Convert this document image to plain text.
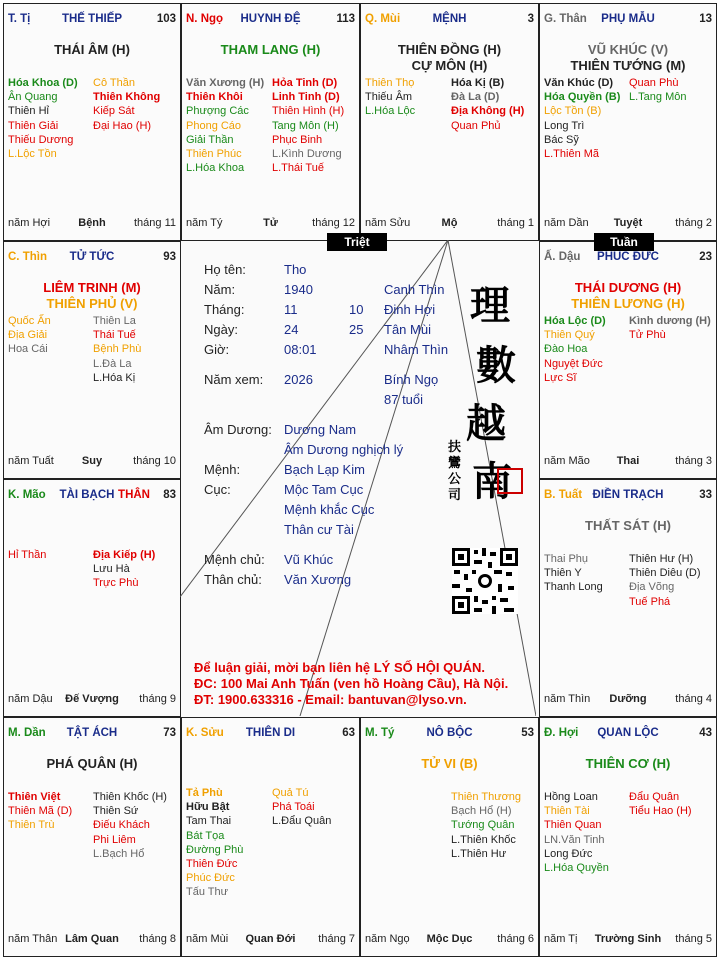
T. Tị	THẾ THIẾP	103
THÁI ÂM (H)
Hóa Khoa (D)
Ân Quang
Thiên Hỉ
Thiên Giải
Thiếu Dương
L.Lộc Tồn
Cô Thần
Thiên Không
Kiếp Sát
Đại Hao (H)
năm Hợi	Bệnh	tháng 11
N. Ngọ	HUYNH ĐỆ	113
THAM LANG (H)
Văn Xương (H)
Thiên Khôi
Phượng Các
Phong Cáo
Giải Thần
Thiên Phúc
L.Hóa Khoa
Hỏa Tinh (D)
Linh Tinh (D)
Thiên Hình (H)
Tang Môn (H)
Phục Binh
L.Kình Dương
L.Thái Tuế
năm Tý	Tử	tháng 12
Q. Mùi	MỆNH	3
THIÊN ĐỒNG (H)
CỰ MÔN (H)
Thiên Thọ
Thiếu Âm
L.Hóa Lộc
Hóa Kị (B)
Đà La (D)
Địa Không (H)
Quan Phủ
năm Sửu	Mộ	tháng 1
G. Thân	PHỤ MẪU	13
VŨ KHÚC (V)
THIÊN TƯỚNG (M)
Văn Khúc (D)
Hóa Quyền (B)
Lộc Tồn (B)
Long Trì
Bác Sỹ
L.Thiên Mã
Quan Phù
L.Tang Môn
năm Dần	Tuyệt	tháng 2
C. Thìn	TỬ TỨC	93
LIÊM TRINH (M)
THIÊN PHỦ (V)
Quốc Ấn
Địa Giải
Hoa Cái
Thiên La
Thái Tuế
Bệnh Phù
L.Đà La
L.Hóa Kị
năm Tuất	Suy	tháng 10
Ấ. Dậu	PHÚC ĐỨC	23
THÁI DƯƠNG (H)
THIÊN LƯƠNG (H)
Hóa Lộc (D)
Thiên Quý
Đào Hoa
Nguyệt Đức
Lực Sĩ
Kình dương (H)
Tử Phù
năm Mão	Thai	tháng 3
K. Mão	TÀI BẠCH	83
THÂN
Hỉ Thần	Địa Kiếp (H)
Lưu Hà
Trực Phù
năm Dậu	Đế Vượng	tháng 9
B. Tuất ĐIỀN TRẠCH	33
THẤT SÁT (H)
Thai Phụ
Thiên Y
Thanh Long
Thiên Hư (H)
Thiên Diêu (D)
Địa Võng
Tuế Phá
năm Thìn	Dưỡng	tháng 4
M. Dần	TẬT ÁCH	73
PHÁ QUÂN (H)
Thiên Việt
Thiên Mã (D)
Thiên Trù
Thiên Khốc (H)
Thiên Sứ
Điếu Khách
Phi Liêm
L.Bạch Hổ
năm Thân Lâm Quan	tháng 8
K. Sửu	THIÊN DI	63
Tả Phù
Hữu Bật
Tam Thai
Bát Tọa
Đường Phù
Thiên Đức
Phúc Đức
Tấu Thư
Quả Tú
Phá Toái
L.Đẩu Quân
năm Mùi	Quan Đới	tháng 7
M. Tý	NÔ BỘC	53
TỬ VI (B)
Thiên Thương
Bạch Hổ (H)
Tướng Quân
L.Thiên Khốc
L.Thiên Hư
năm Ngọ	Mộc Dục	tháng 6
Đ. Hợi	QUAN LỘC	43
THIÊN CƠ (H)
Hồng Loan
Thiên Tài
Thiên Quan
LN.Văn Tinh
Long Đức
L.Hóa Quyền
Đẩu Quân
Tiểu Hao (H)
năm Tị	Trường Sinh	tháng 5
Họ tên:	Tho
Năm:	1940	Canh Thìn
Tháng:	11	10 Đinh Hợi
Ngày:	24	25 Tân Mùi
Giờ:	08:01	Nhâm Thìn
Năm xem: 2026	Bính Ngọ
87 tuổi
Âm Dương: Dương Nam
Âm Dương nghịch lý
Mệnh:	Bạch Lạp Kim
Cục:	Mộc Tam Cục
Mệnh khắc Cục
Thân cư Tài
Mệnh chủ: Vũ Khúc
Thân chủ: Văn Xương
理
數
越
南
扶鸞公司
Để luận giải, mời bạn liên hệ LÝ SỐ HỘI QUÁN.
ĐC: 100 Mai Anh Tuấn (ven hồ Hoàng Cầu), Hà Nội.
ĐT: 1900.633316 - Email: bantuvan@lyso.vn.
Triệt	Tuần
